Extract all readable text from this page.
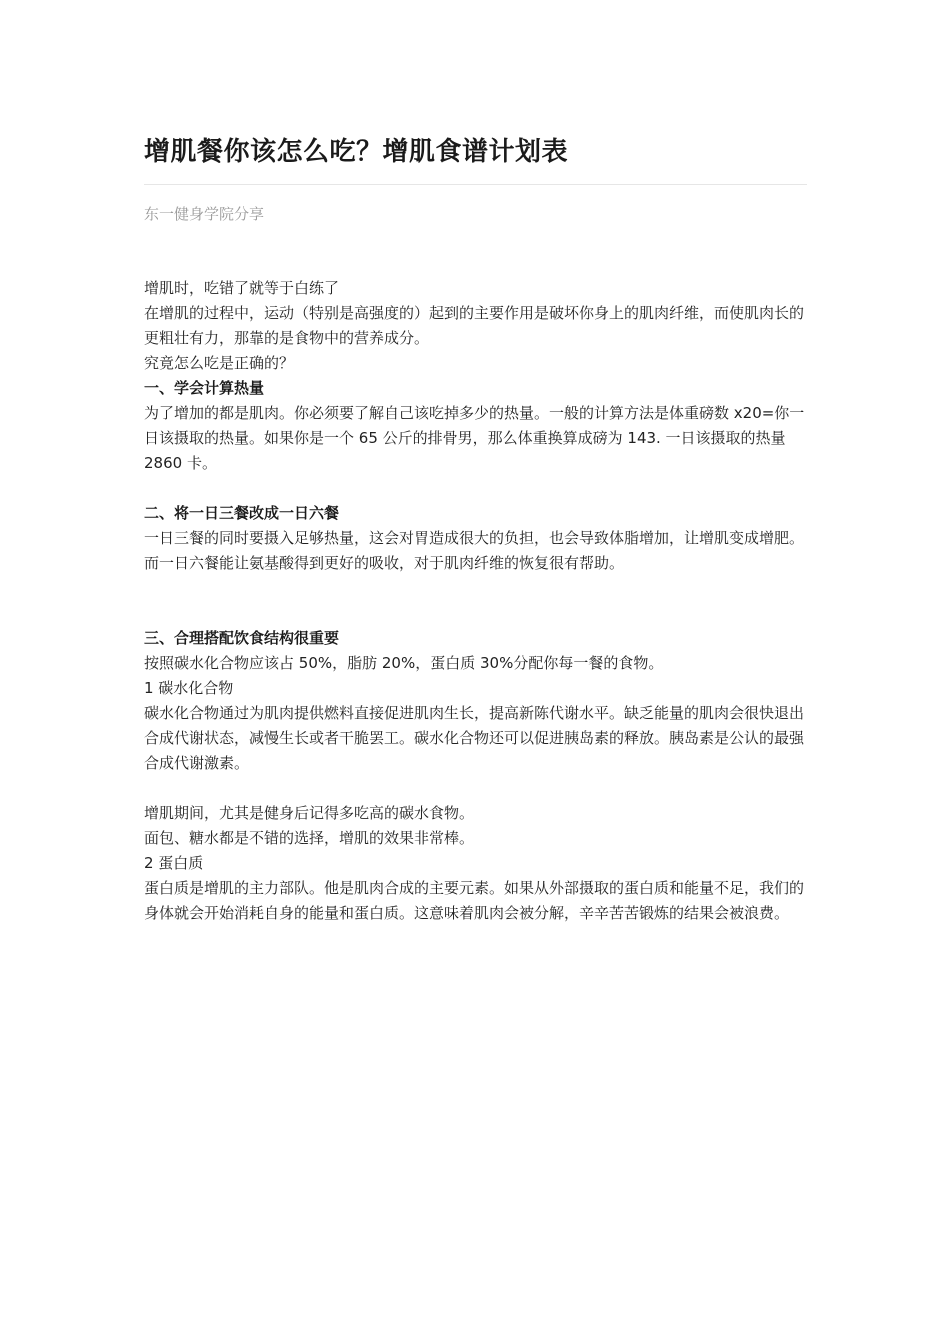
增肌餐你该怎么吃？增肌食谱计划表
东一健身学院分享
增肌时，吃错了就等于白练了
在增肌的过程中，运动（特别是高强度的）起到的主要作用是破坏你身上的肌肉纤维，而使肌肉长的更粗壮有力，那靠的是食物中的营养成分。
究竟怎么吃是正确的？
一、学会计算热量
为了增加的都是肌肉。你必须要了解自己该吃掉多少的热量。一般的计算方法是体重磅数 x20=你一日该摄取的热量。如果你是一个 65 公斤的排骨男，那么体重换算成磅为 143. 一日该摄取的热量 2860 卡。
二、将一日三餐改成一日六餐
一日三餐的同时要摄入足够热量，这会对胃造成很大的负担，也会导致体脂增加，让增肌变成增肥。而一日六餐能让氨基酸得到更好的吸收，对于肌肉纤维的恢复很有帮助。
三、合理搭配饮食结构很重要
按照碳水化合物应该占 50%，脂肪 20%，蛋白质 30%分配你每一餐的食物。
1 碳水化合物
碳水化合物通过为肌肉提供燃料直接促进肌肉生长，提高新陈代谢水平。缺乏能量的肌肉会很快退出合成代谢状态，减慢生长或者干脆罢工。碳水化合物还可以促进胰岛素的释放。胰岛素是公认的最强合成代谢激素。
增肌期间，尤其是健身后记得多吃高的碳水食物。
面包、糖水都是不错的选择，增肌的效果非常棒。
2 蛋白质
蛋白质是增肌的主力部队。他是肌肉合成的主要元素。如果从外部摄取的蛋白质和能量不足，我们的身体就会开始消耗自身的能量和蛋白质。这意味着肌肉会被分解，辛辛苦苦锻炼的结果会被浪费。
